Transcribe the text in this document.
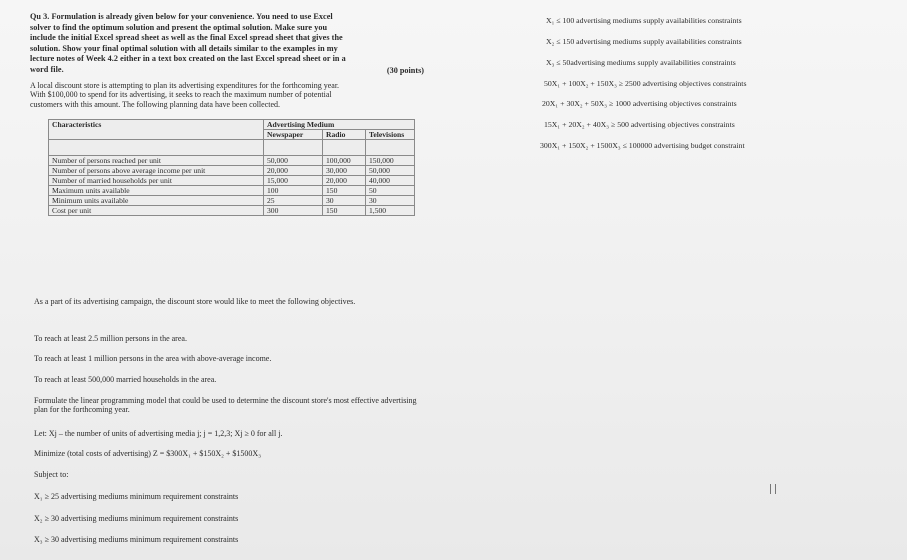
Qu 3. Formulation is already given below for your convenience. You need to use Excel

solver to find the optimum solution and present the optimal solution. Make sure you

include the initial Excel spread sheet as well as the final Excel spread sheet that gives the

solution. Show your final optimal solution with all details similar to the examples in my

lecture notes of Week 4.2 either in a text box created on the last Excel spread sheet or in a

word file.	(30 points)
A local discount store is attempting to plan its advertising expenditures for the forthcoming year.
With $100,000 to spend for its advertising, it seeks to reach the maximum number of potential
customers with this amount. The following planning data have been collected.
Characteristics	Advertising Medium		
	Newspaper	Radio	Televisions

Number of persons reached per unit	50,000	100,000	150,000
Number of persons above average income per unit	20,000	30,000	50,000
Number of married households per unit	15,000	20,000	40,000
Maximum units available	100	150	50
Minimum units available	25	30	30
Cost per unit	300	150	1,500

As a part of its advertising campaign, the discount store would like to meet the following objectives.

To reach at least 2.5 million persons in the area.

To reach at least 1 million persons in the area with above-average income.

To reach at least 500,000 married households in the area.

Formulate the linear programming model that could be used to determine the discount store's most effective advertising plan for the forthcoming year.

Let: Xj – the number of units of advertising media j; j = 1,2,3; Xj ≥ 0 for all j.

Minimize (total costs of advertising) Z = $300X₁ + $150X₂ + $1500X₃

Subject to:

X₁ ≥ 25 advertising mediums minimum requirement constraints

X₂ ≥ 30 advertising mediums minimum requirement constraints

X₃ ≥ 30 advertising mediums minimum requirement constraints

X₁ ≤ 100 advertising mediums supply availabilities constraints
X₂ ≤ 150 advertising mediums supply availabilities constraints
X₃ ≤ 50advertising mediums supply availabilities constraints
50X₁ + 100X₂ + 150X₃ ≥ 2500 advertising objectives constraints
20X₁ + 30X₂ + 50X₃ ≥ 1000 advertising objectives constraints
15X₁ + 20X₂ + 40X₃ ≥ 500 advertising objectives constraints
300X₁ + 150X₂ + 1500X₃ ≤ 100000 advertising budget constraint
